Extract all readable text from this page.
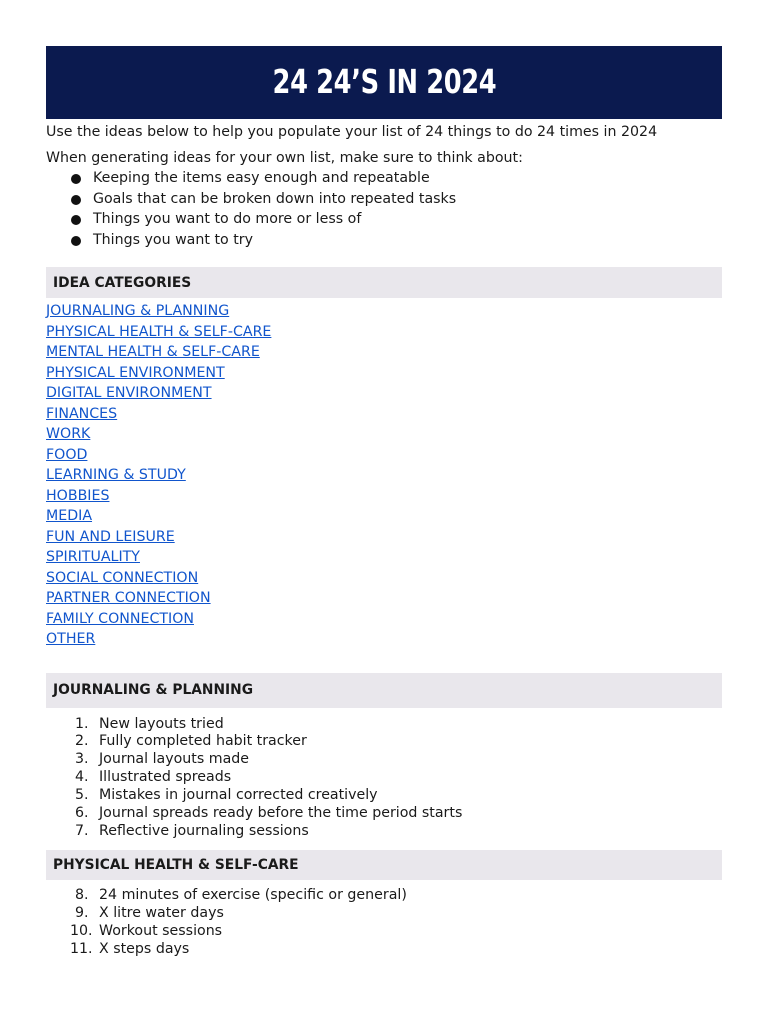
24 24’S IN 2024
Use the ideas below to help you populate your list of 24 things to do 24 times in 2024
When generating ideas for your own list, make sure to think about:
Keeping the items easy enough and repeatable
Goals that can be broken down into repeated tasks
Things you want to do more or less of
Things you want to try
IDEA CATEGORIES
JOURNALING & PLANNING
PHYSICAL HEALTH & SELF-CARE
MENTAL HEALTH & SELF-CARE
PHYSICAL ENVIRONMENT
DIGITAL ENVIRONMENT
FINANCES
WORK
FOOD
LEARNING & STUDY
HOBBIES
MEDIA
FUN AND LEISURE
SPIRITUALITY
SOCIAL CONNECTION
PARTNER CONNECTION
FAMILY CONNECTION
OTHER
JOURNALING & PLANNING
1. New layouts tried
2. Fully completed habit tracker
3. Journal layouts made
4. Illustrated spreads
5. Mistakes in journal corrected creatively
6. Journal spreads ready before the time period starts
7. Reflective journaling sessions
PHYSICAL HEALTH & SELF-CARE
8. 24 minutes of exercise (specific or general)
9. X litre water days
10. Workout sessions
11. X steps days
